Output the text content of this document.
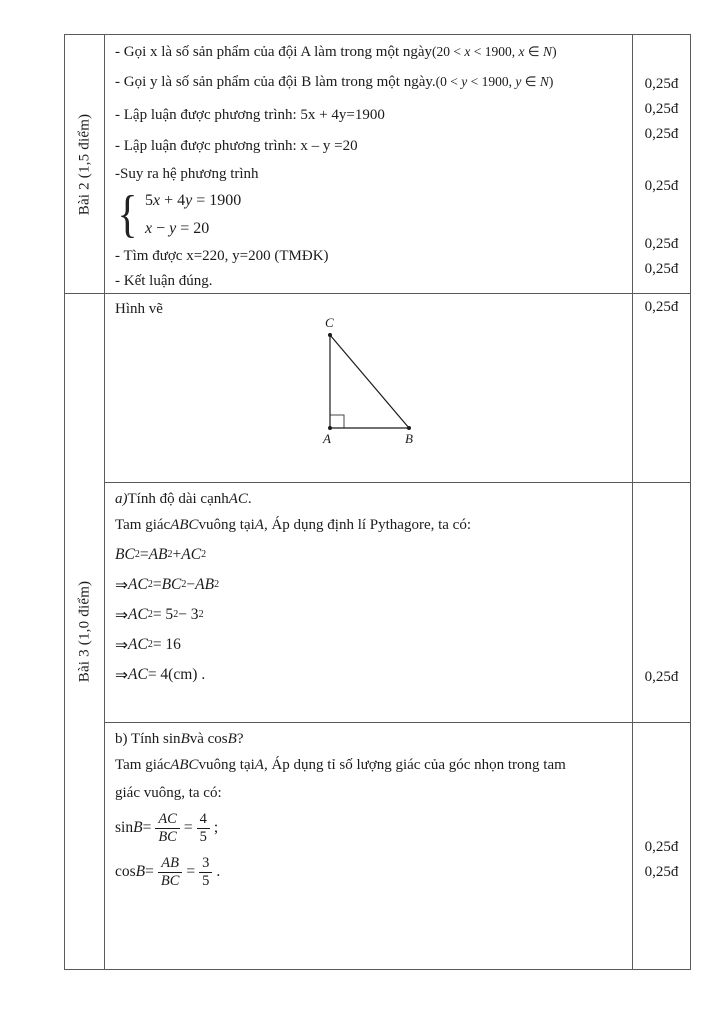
Bài 2 (1,5 điểm)
- Gọi x là số sản phẩm của đội A làm trong một ngày (20 < x < 1900, x ∈ N)
- Gọi y là số sản phẩm của đội B làm trong một ngày. (0 < y < 1900, y ∈ N)
- Lập luận được phương trình: 5x + 4y=1900
- Lập luận được phương trình: x – y =20
-Suy ra hệ phương trình
{ 5x + 4y = 1900
x − y = 20
- Tìm được x=220, y=200 (TMĐK)
- Kết luận đúng.
0,25đ
0,25đ
0,25đ
0,25đ
0,25đ
0,25đ
Bài 3 (1,0 điểm)
Hình vẽ
C
A	B
0,25đ
a) Tính độ dài cạnh AC .
Tam giác ABC vuông tại A , Áp dụng định lí Pythagore, ta có:
BC 2 = AB 2 + AC 2
⇒ AC 2 = BC 2 − AB 2
⇒ AC 2 = 5 2 − 3 2
⇒ AC 2 = 16
⇒ AC = 4(cm) .	0,25đ
b) Tính sin B và cos B ?
Tam giác ABC vuông tại A , Áp dụng tỉ số lượng giác của góc nhọn trong tam
giác vuông, ta có:
$\sin B = \frac{AC}{BC} = \frac{4}{5}$ ;
$\cos B = \frac{AB}{BC} = \frac{3}{5}$ .
0,25đ
0,25đ
